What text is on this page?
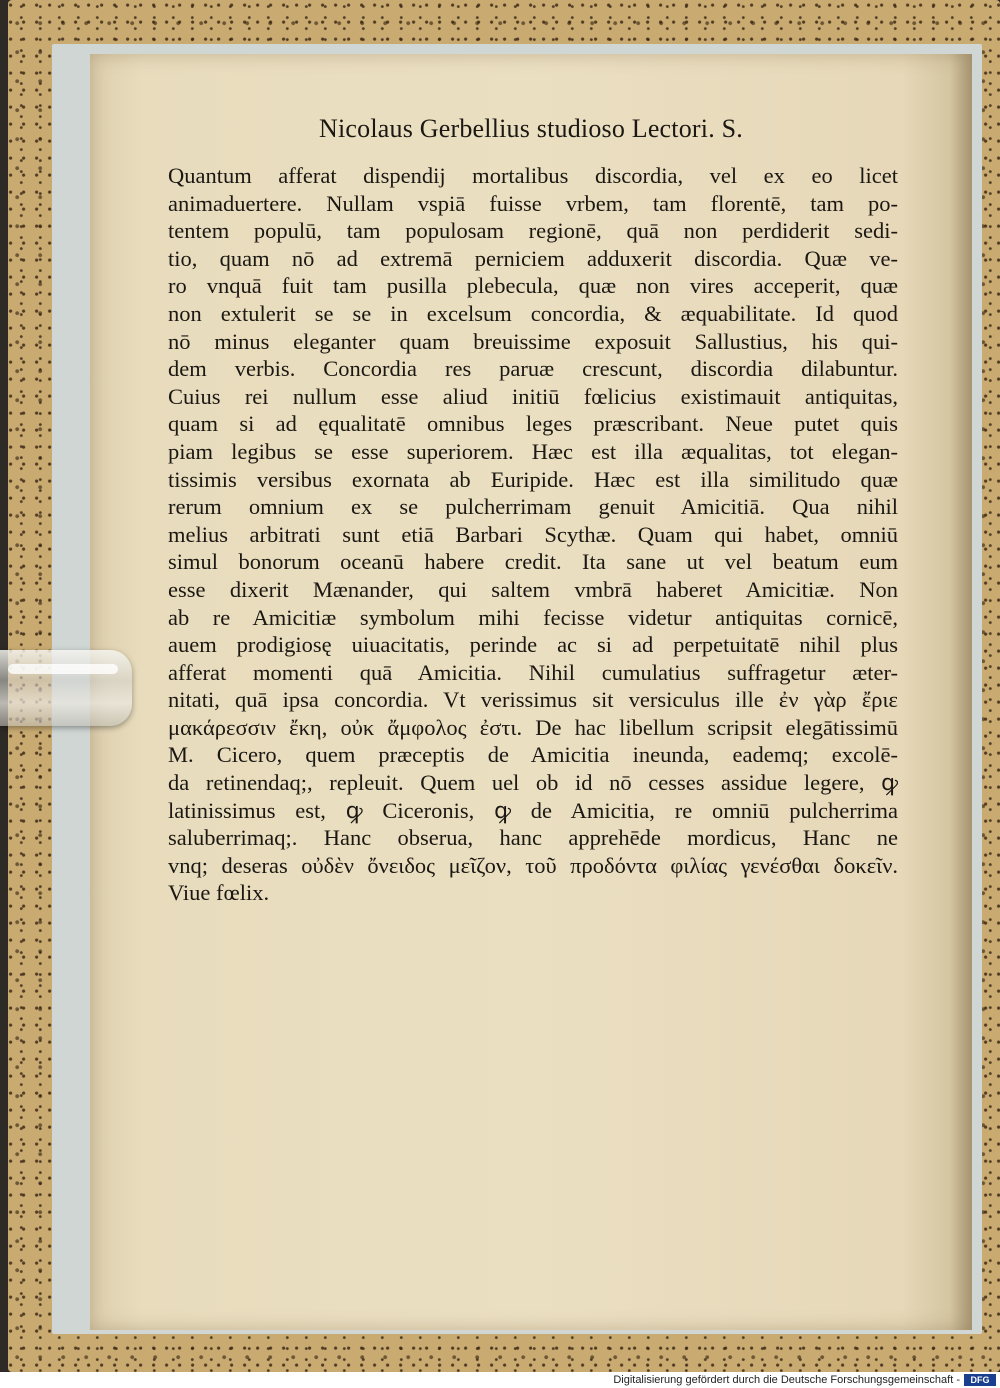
Nicolaus Gerbellius studioso Lectori. S.
Quantum afferat dispendij mortalibus discordia, vel ex eo licet
animaduertere. Nullam vspiā fuisse vrbem, tam florentē, tam po-
tentem populū, tam populosam regionē, quā non perdiderit sedi-
tio, quam nō ad extremā perniciem adduxerit discordia. Quæ ve-
ro vnquā fuit tam pusilla plebecula, quæ non vires acceperit, quæ
non extulerit se se in excelsum concordia, & æquabilitate. Id quod
nō minus eleganter quam breuissime exposuit Sallustius, his qui-
dem verbis. Concordia res paruæ crescunt, discordia dilabuntur.
Cuius rei nullum esse aliud initiū fœlicius existimauit antiquitas,
quam si ad ęqualitatē omnibus leges præscribant. Neue putet quis
piam legibus se esse superiorem. Hæc est illa æqualitas, tot elegan-
tissimis versibus exornata ab Euripide. Hæc est illa similitudo quæ
rerum omnium ex se pulcherrimam genuit Amicitiā. Qua nihil
melius arbitrati sunt etiā Barbari Scythæ. Quam qui habet, omniū
simul bonorum oceanū habere credit. Ita sane ut vel beatum eum
esse dixerit Mænander, qui saltem vmbrā haberet Amicitiæ. Non
ab re Amicitiæ symbolum mihi fecisse videtur antiquitas cornicē,
auem prodigiosę uiuacitatis, perinde ac si ad perpetuitatē nihil plus
afferat momenti quā Amicitia. Nihil cumulatius suffragetur æter-
nitati, quā ipsa concordia. Vt verissimus sit versiculus ille ἐν γὰρ ἔριε
μακάρεσσιν ἔκη, οὐκ ἄμφολος ἐστι. De hac libellum scripsit elegātissimū
M. Cicero, quem præceptis de Amicitia ineunda, eademq; excolē-
da retinendaq;, repleuit. Quem uel ob id nō cesses assidue legere, ꝙ
latinissimus est, ꝙ Ciceronis, ꝙ de Amicitia, re omniū pulcherrima
saluberrimaq;. Hanc obserua, hanc apprehēde mordicus, Hanc ne
vnq; deseras οὐδὲν ὄνειδος μεῖζον, τοῦ προδόντα φιλίας γενέσθαι δοκεῖν.
Viue fœlix.
Digitalisierung gefördert durch die Deutsche Forschungsgemeinschaft -	DFG
